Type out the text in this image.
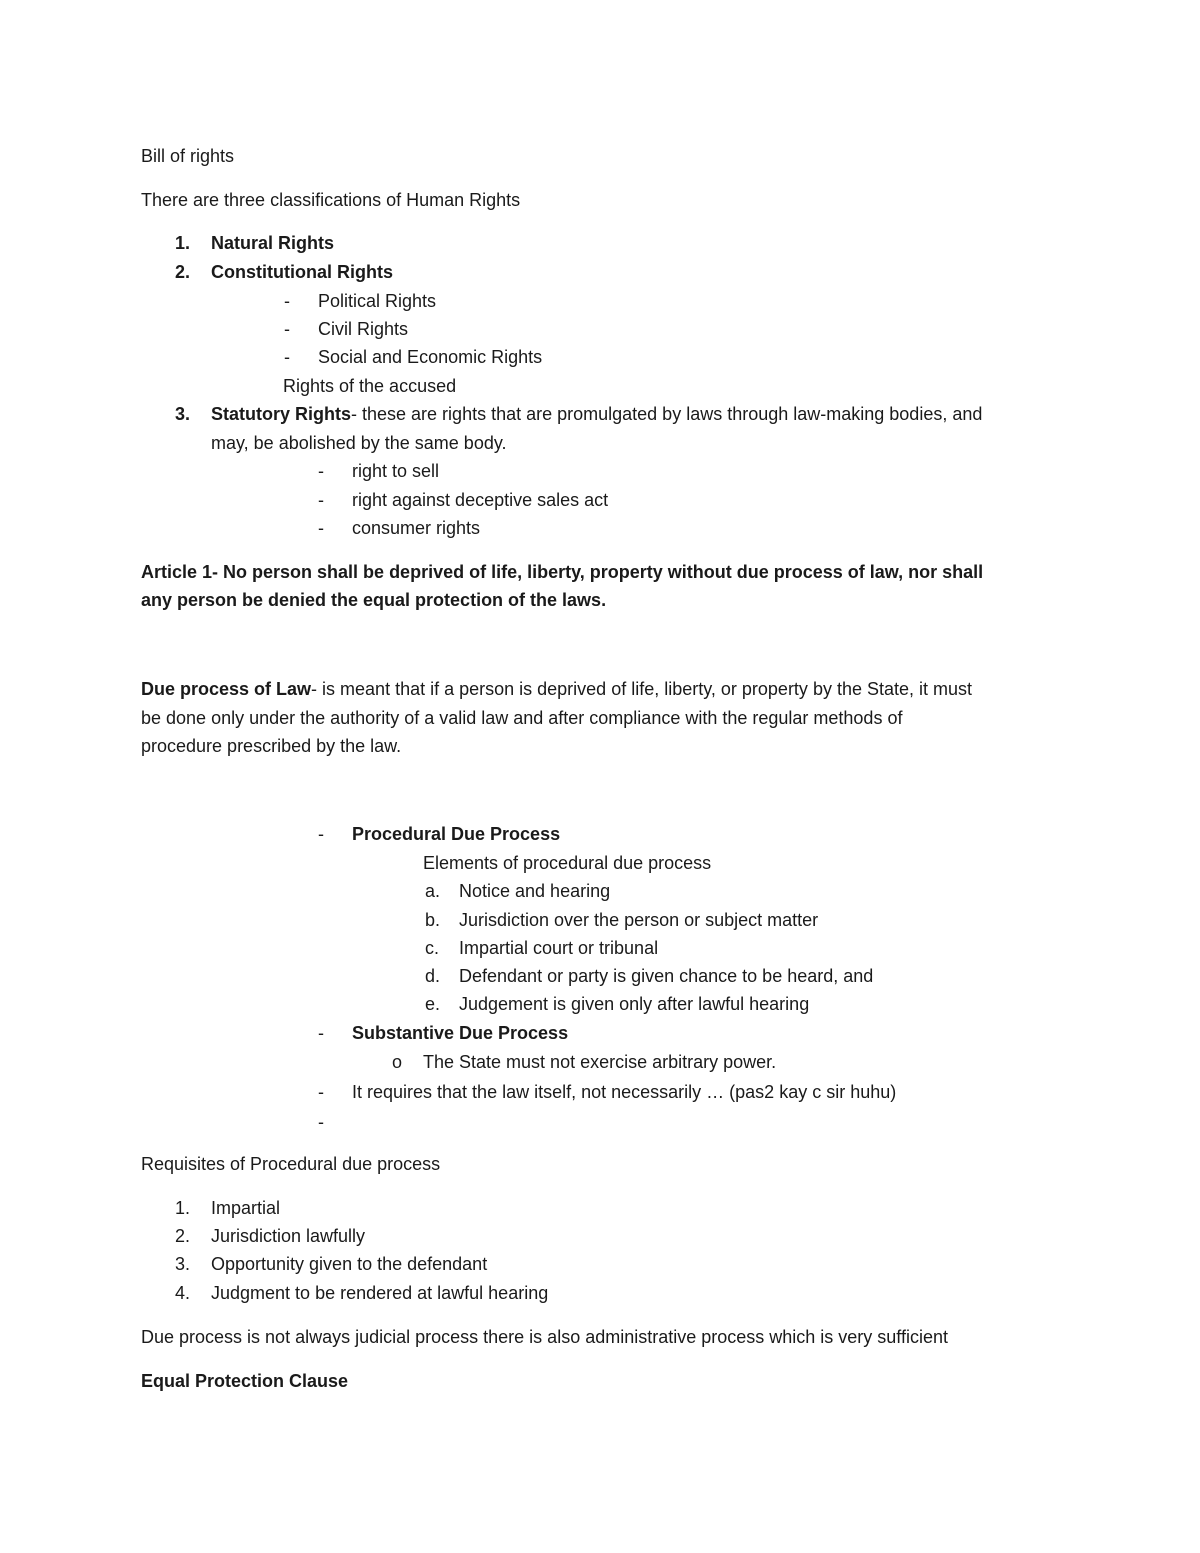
Bill of rights
There are three classifications of Human Rights
1. Natural Rights
2. Constitutional Rights
- Political Rights
- Civil Rights
- Social and Economic Rights
Rights of the accused
3. Statutory Rights- these are rights that are promulgated by laws through law-making bodies, and
may, be abolished by the same body.
- right to sell
- right against deceptive sales act
- consumer rights
Article 1- No person shall be deprived of life, liberty, property without due process of law, nor shall
any person be denied the equal protection of the laws.
Due process of Law- is meant that if a person is deprived of life, liberty, or property by the State, it must
be done only under the authority of a valid law and after compliance with the regular methods of
procedure prescribed by the law.
- Procedural Due Process
Elements of procedural due process
a. Notice and hearing
b. Jurisdiction over the person or subject matter
c. Impartial court or tribunal
d. Defendant or party is given chance to be heard, and
e. Judgement is given only after lawful hearing
- Substantive Due Process
o The State must not exercise arbitrary power.
- It requires that the law itself, not necessarily … (pas2 kay c sir huhu)
-
Requisites of Procedural due process
1. Impartial
2. Jurisdiction lawfully
3. Opportunity given to the defendant
4. Judgment to be rendered at lawful hearing
Due process is not always judicial process there is also administrative process which is very sufficient
Equal Protection Clause
